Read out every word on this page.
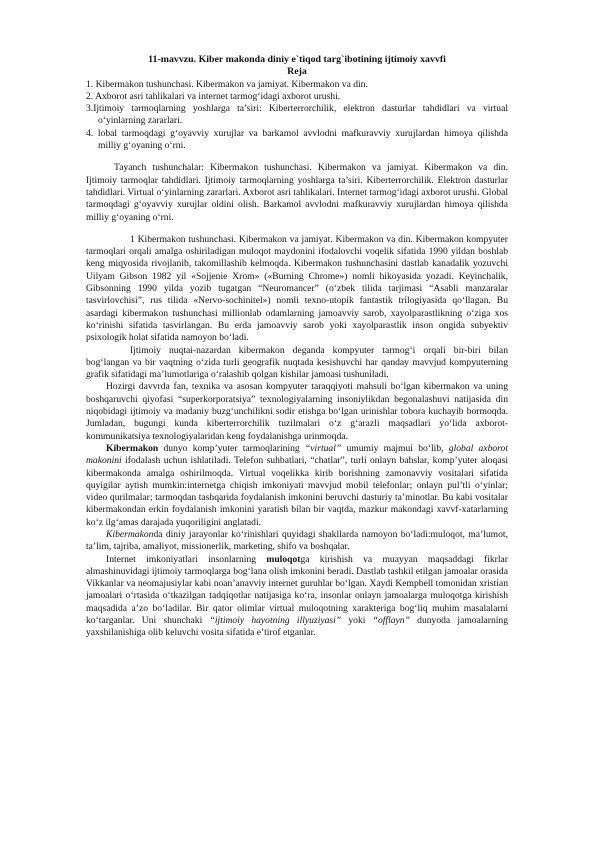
11-mavvzu. Kiber makonda diniy e`tiqod targ`ibotining ijtimoiy xavvfi

Reja

1. Kibermakon tushunchasi. Kibermakon va jamiyat. Kibermakon va din.

2. Axborot asri tahlikalari va internet tarmog‘idagi axborot urushi.

3.Ijtimoiy tarmoqlarning yoshlarga ta’siri: Kiberterrorchilik, elektron dasturlar tahdidlari va virtual o‘yinlarning zararlari.

4. lobal tarmoqdagi g‘oyavviy xurujlar va barkamol avvlodni mafkuravviy xurujlardan himoya qilishda milliy g‘oyaning o‘rni.

Tayanch tushunchalar: Kibermakon tushunchasi. Kibermakon va jamiyat. Kibermakon va din. Ijtimoiy tarmoqlar tahdidlari. Ijtimoiy tarmoqlarning yoshlarga ta’siri. Kiberterrorchilik. Elektron dasturlar tahdidlari. Virtual o‘yinlarning zararlari. Axborot asri tahlikalari. Internet tarmog‘idagi axborot urushi. Global tarmoqdagi g‘oyavviy xurujlar oldini olish. Barkamol avvlodni mafkuravviy xurujlardan himoya qilishda milliy g‘oyaning o‘rni.

1 Kibermakon tushunchasi. Kibermakon va jamiyat. Kibermakon va din. Kibermakon kompyuter tarmoqlari orqali amalga oshiriladigan muloqot maydonini ifodalovchi voqelik sifatida 1990 yildan boshlab keng miqyosida rivojlanib, takomillashib kelmoqda. Kibermakon tushunchasini dastlab kanadalik yozuvchi Uilyam Gibson 1982 yil «Sojjenie Xrom» («Burning Chrome») nomli hikoyasida yozadi. Keyinchalik, Gibsonning 1990 yilda yozib tugatgan “Neuromancer” (o‘zbek tilida tarjimasi “Asabli manzaralar tasvirlovchisi”, rus tilida «Nervo-sochinitel») nomli texno-utopik fantastik trilogiyasida qo‘llagan. Bu asardagi kibermakon tushunchasi millionlab odamlarning jamoavviy sarob, xayolparastlikning o‘ziga xos ko‘rinishi sifatida tasvirlangan. Bu erda jamoavviy sarob yoki xayolparastlik inson ongida subyektiv psixologik holat sifatida namoyon bo‘ladi.

Ijtimoiy nuqtai-nazardan kibermakon deganda kompyuter tarmog‘i orqali bir-biri bilan bog‘langan va bir vaqtning o‘zida turli geografik nuqtada kesishuvchi har qanday mavvjud kompyuterning grafik sifatidagi ma’lumotlariga o‘ralashib qolgan kishilar jamoasi tushuniladi.

Hozirgi davvrda fan, texnika va asosan kompyuter taraqqiyoti mahsuli bo‘lgan kibermakon va uning boshqaruvchi qiyofasi “superkorporatsiya” texnologiyalarning insoniylikdan begonalashuvi natijasida din niqobidagi ijtimoiy va madaniy buzg‘unchilikni sodir etishga bo‘lgan urinishlar tobora kuchayib bormoqda. Jumladan, bugungi kunda kiberterrorchilik tuzilmalari o‘z g‘arazli maqsadlari yo‘lida axborot-kommunikatsiya texnologiyalaridan keng foydalanishga urinmoqda.

Kibermakon dunyo komp’yuter tarmoqlarining “virtual” umumiy majmui bo‘lib, global axborot makonini ifodalash uchun ishlatiladi. Telefon suhbatlari, “chatlar”, turli onlayn bahslar, komp’yuter aloqasi kibermakonda amalga oshirilmoqda. Virtual voqelikka kirib borishning zamonavviy vositalari sifatida quyigilar aytish mumkin:internetga chiqish imkoniyati mavvjud mobil telefonlar; onlayn pul’tli o‘yinlar; video qurilmalar; tarmoqdan tashqarida foydalanish imkonini beruvchi dasturiy ta’minotlar. Bu kabi vositalar kibermakondan erkin foydalanish imkonini yaratish bilan bir vaqtda, mazkur makondagi xavvf-xatarlarning ko‘z ilg‘amas darajada yuqoriligini anglatadi.

Kibermakonda diniy jarayonlar ko‘rinishlari quyidagi shakllarda namoyon bo‘ladi:muloqot, ma’lumot, ta’lim, tajriba, amaliyot, missionerlik, marketing, shifo va boshqalar.

Internet imkoniyatlari insonlarning muloqotga kirishish va muayyan maqsaddagi fikrlar almashinuvidagi ijtimoiy tarmoqlarga bog‘lana olish imkonini beradi. Dastlab tashkil etilgan jamoalar orasida Vikkanlar va neomajusiylar kabi noan’anavviy internet guruhlar bo‘lgan. Xaydi Kempbell tomonidan xristian jamoalari o‘rtasida o‘tkazilgan tadqiqotlar natijasiga ko‘ra, insonlar onlayn jamoalarga muloqotga kirishish maqsadida a’zo bo‘ladilar. Bir qator olimlar virtual muloqotning xarakteriga bog‘liq muhim masalalarni ko‘targanlar. Uni shunchaki “ijtimoiy hayotning illyuziyasi” yoki “offlayn” dunyoda jamoalarning yaxshilanishiga olib keluvchi vosita sifatida e’tirof etganlar.
